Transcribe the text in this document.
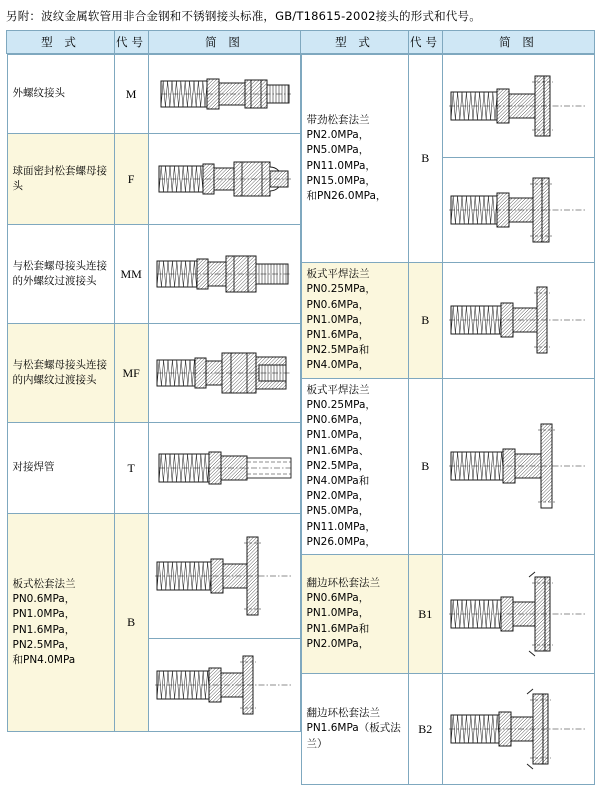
另附：波纹金属软管用非合金钢和不锈钢接头标准，GB/T18615-2002接头的形式和代号。
型 式	代号	简 图	型 式	代号	简 图

外螺纹接头	M	

球面密封松套螺母接头
	F	

与松套螺母接头连接的外螺纹过渡接头
	MM	

与松套螺母接头连接的内螺纹过渡接头
	MF	

对接焊管	T	

板式松套法兰
PN0.6MPa，PN1.0MPa，
PN1.6MPa，PN2.5MPa，
和PN4.0MPa
	B	

带劲松套法兰
PN2.0MPa，PN5.0MPa，
PN11.0MPa，PN15.0MPa，
和PN26.0MPa，
	B	

板式平焊法兰
PN0.25MPa，PN0.6MPa，
PN1.0MPa，PN1.6MPa，
PN2.5MPa和PN4.0MPa，
	B	

板式平焊法兰
PN0.25MPa，PN0.6MPa，
PN1.0MPa，PN1.6MPa、
PN2.5MPa，PN4.0MPa和
PN2.0MPa，PN5.0MPa，
PN11.0MPa，PN26.0MPa，
	B	

翻边环松套法兰
PN0.6MPa，PN1.0MPa，
PN1.6MPa和PN2.0MPa，
	B1	

翻边环松套法兰
PN1.6MPa（板式法兰）
	B2	
